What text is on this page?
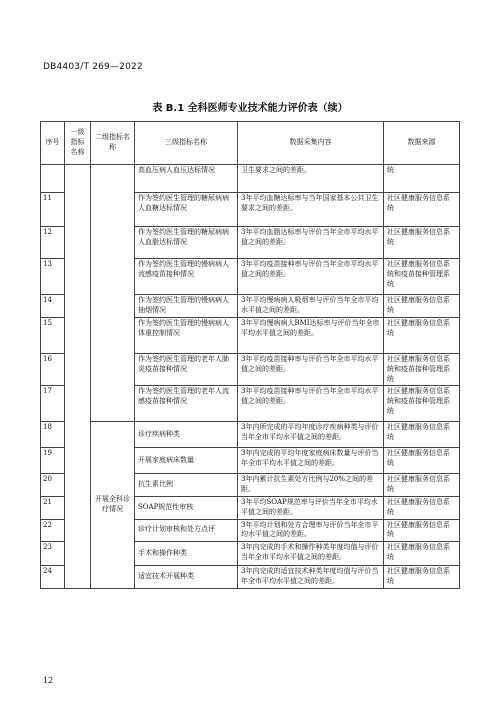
DB4403/T 269—2022
表 B.1 全科医师专业技术能力评价表（续）
序号	一级指标名称	二级指标名称	三级指标名称	数据采集内容	数据来源
			高血压病人血压达标情况	卫生要求之间的差距。	统
11			作为签约医生管理的糖尿病病人血糖达标情况	3年平均血糖达标率与当年国家基本公共卫生要求之间的差距。	社区健康服务信息系统
12			作为签约医生管理的糖尿病病人血脂达标情况	3年平均血脂达标率与评价当年全市平均水平值之间的差距。	社区健康服务信息系统
13			作为签约医生管理的慢病病人流感疫苗接种情况	3年平均疫苗接种率与评价当年全市平均水平值之间的差距。	社区健康服务信息系统和疫苗接种管理系统
14			作为签约医生管理的慢病病人抽烟情况	3年平均慢病病人吸烟率与评价当年全市平均水平值之间的差距。	社区健康服务信息系统
15			作为签约医生管理的慢病病人体重控制情况	3年平均慢病病人BMI达标率与评价当年全市平均水平值之间的差距。	社区健康服务信息系统
16			作为签约医生管理的老年人肺炎疫苗接种情况	3年平均疫苗接种率与评价当年全市平均水平值之间的差距。	社区健康服务信息系统和疫苗接种管理系统
17			作为签约医生管理的老年人流感疫苗接种情况	3年平均疫苗接种率与评价当年全市平均水平值之间的差距。	社区健康服务信息系统和疫苗接种管理系统
18		开展全科诊疗情况	诊疗疾病种类	3年内所完成的平均年度诊疗疾病种类与评价当年全市平均水平值之间的差距。	社区健康服务信息系统
19			开展家庭病床数量	3年内完成的平均年度家庭病床数量与评价当年全市平均水平值之间的差距。	社区健康服务信息系统
20			抗生素比例	3年内累计抗生素处方比例与20%之间的差距。	社区健康服务信息系统
21			SOAP规范性审核	3年平均SOAP规范率与评价当年全市平均水平值之间的差距。	社区健康服务信息系统
22			诊疗计划审核和处方点评	3年平均计划和处方合理率与评价当年全市平均水平值之间的差距。	社区健康服务信息系统
23			手术和操作种类	3年内完成的手术和操作种类年度均值与评价当年全市平均水平值之间的差距。	社区健康服务信息系统
24			适宜技术开展种类	3年内完成的适宜技术种类年度均值与评价当年全市平均水平值之间的差距。	社区健康服务信息系统
12
